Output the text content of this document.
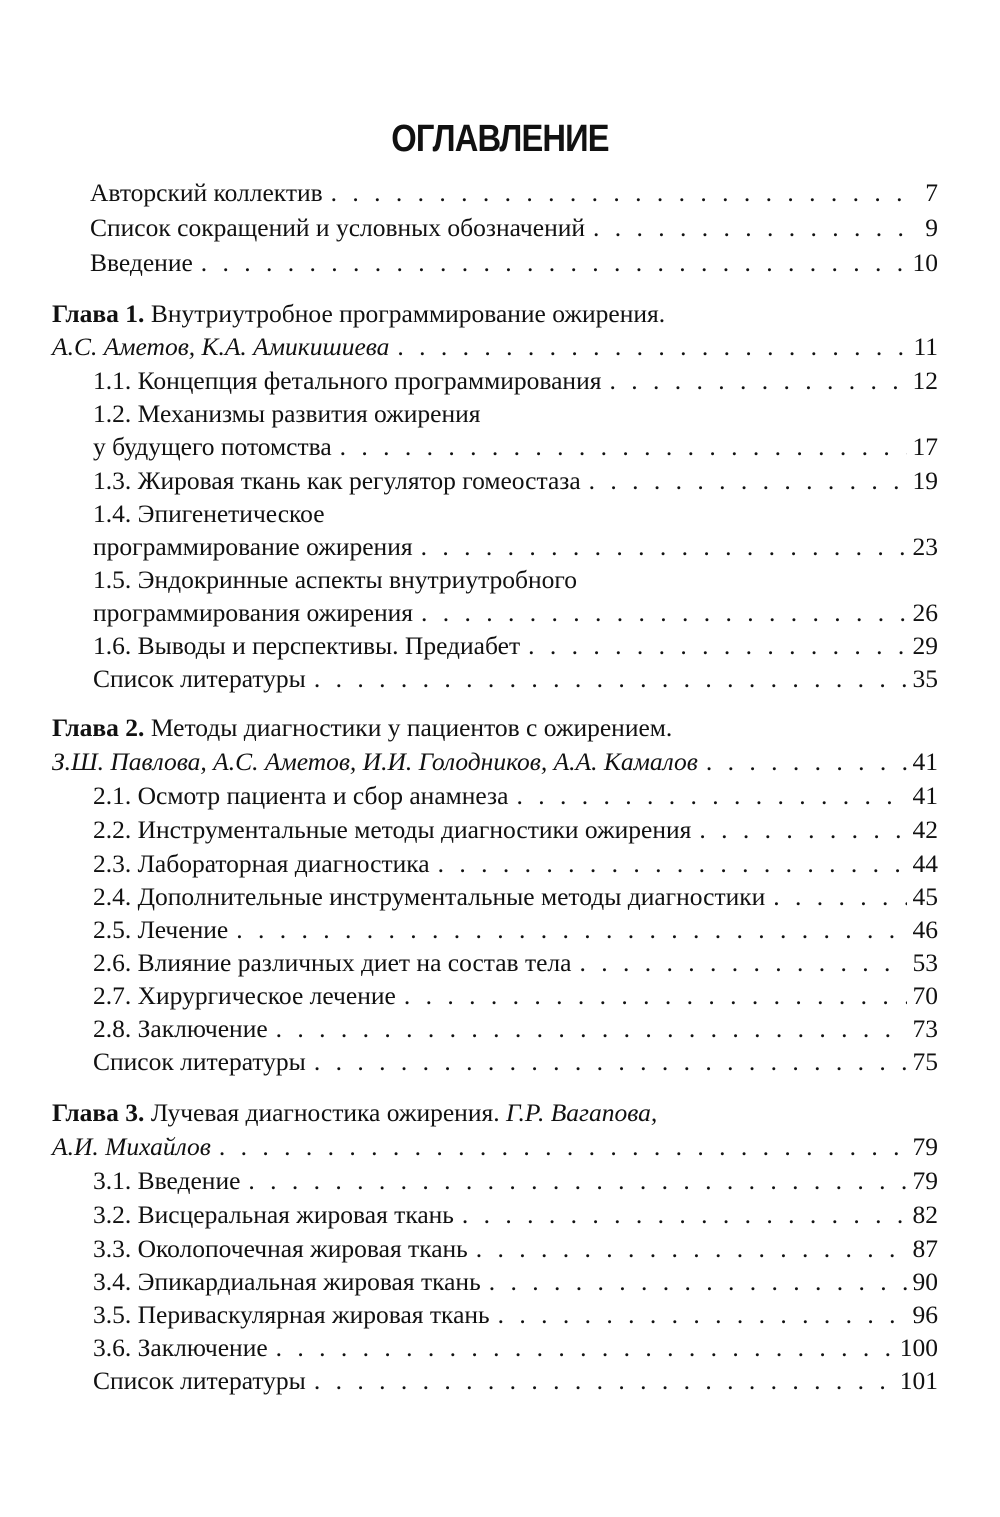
ОГЛАВЛЕНИЕ
Авторский коллектив . . .	7
Список сокращений и условных обозначений . . .	9
Введение . . .	10
Глава 1. Внутриутробное программирование ожирения.
А.С. Аметов, К.А. Амикишиева . . .	11
1.1. Концепция фетального программирования . . .	12
1.2. Механизмы развития ожирения
у будущего потомства . . .	17
1.3. Жировая ткань как регулятор гомеостаза . . .	19
1.4. Эпигенетическое
программирование ожирения . . .	23
1.5. Эндокринные аспекты внутриутробного
программирования ожирения . . .	26
1.6. Выводы и перспективы. Предиабет . . .	29
Список литературы . . .	35
Глава 2. Методы диагностики у пациентов с ожирением.
З.Ш. Павлова, А.С. Аметов, И.И. Голодников, А.А. Камалов . . .	41
2.1. Осмотр пациента и сбор анамнеза . . .	41
2.2. Инструментальные методы диагностики ожирения . . .	42
2.3. Лабораторная диагностика . . .	44
2.4. Дополнительные инструментальные методы диагностики . . .	45
2.5. Лечение . . .	46
2.6. Влияние различных диет на состав тела . . .	53
2.7. Хирургическое лечение . . .	70
2.8. Заключение . . .	73
Список литературы . . .	75
Глава 3. Лучевая диагностика ожирения. Г.Р. Вагапова,
А.И. Михайлов . . .	79
3.1. Введение . . .	79
3.2. Висцеральная жировая ткань . . .	82
3.3. Околопочечная жировая ткань . . .	87
3.4. Эпикардиальная жировая ткань . . .	90
3.5. Периваскулярная жировая ткань . . .	96
3.6. Заключение . . .	100
Список литературы . . .	101
